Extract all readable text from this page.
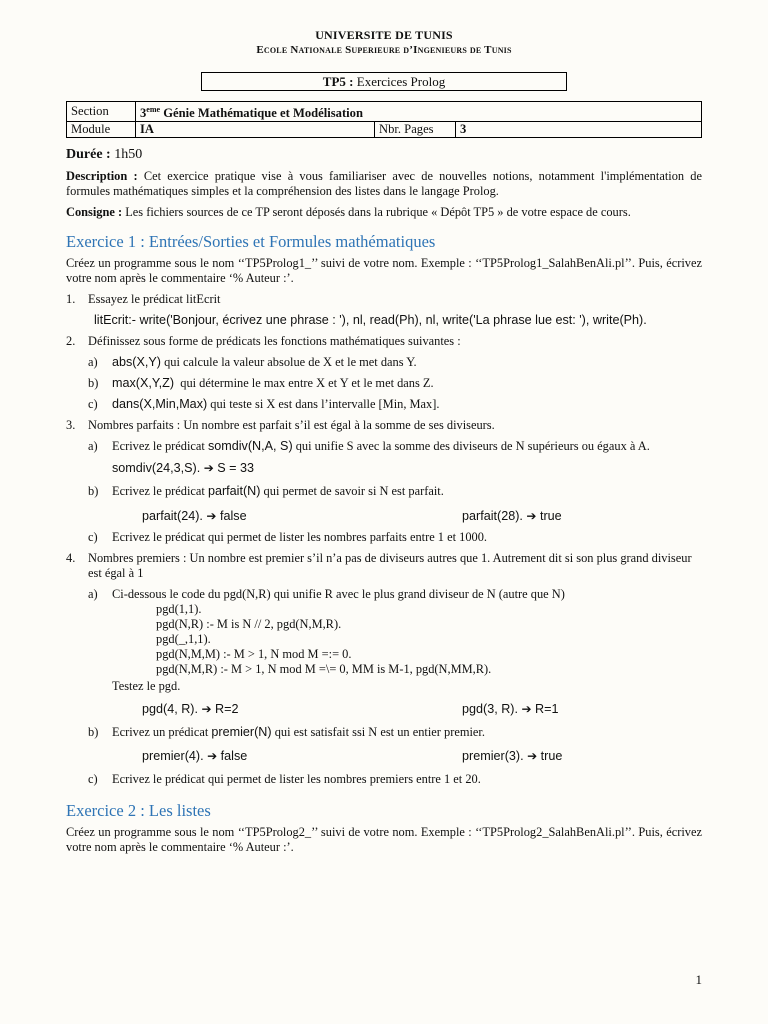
UNIVERSITE DE TUNIS
Ecole Nationale Superieure d’Ingenieurs de Tunis
TP5 : Exercices Prolog
Section	3eme Génie Mathématique et Modélisation		
Module	IA	Nbr. Pages	3
Durée : 1h50
Description : Cet exercice pratique vise à vous familiariser avec de nouvelles notions, notamment l'implémentation de formules mathématiques simples et la compréhension des listes dans le langage Prolog.
Consigne : Les fichiers sources de ce TP seront déposés dans la rubrique « Dépôt TP5 » de votre espace de cours.
Exercice 1 : Entrées/Sorties et Formules mathématiques
Créez un programme sous le nom ‘‘TP5Prolog1_’’ suivi de votre nom. Exemple : ‘‘TP5Prolog1_SalahBenAli.pl’’. Puis, écrivez votre nom après le commentaire ‘% Auteur :’.
1. Essayez le prédicat litEcrit
litEcrit:- write('Bonjour, écrivez une phrase : '), nl, read(Ph), nl, write('La phrase lue est: '), write(Ph).
2. Définissez sous forme de prédicats les fonctions mathématiques suivantes :
a) abs(X,Y) qui calcule la valeur absolue de X et le met dans Y.
b) max(X,Y,Z)  qui détermine le max entre X et Y et le met dans Z.
c) dans(X,Min,Max) qui teste si X est dans l’intervalle [Min, Max].
3. Nombres parfaits : Un nombre est parfait s’il est égal à la somme de ses diviseurs.
a) Ecrivez le prédicat somdiv(N,A, S) qui unifie S avec la somme des diviseurs de N supérieurs ou égaux à A.
somdiv(24,3,S). ➔ S = 33
b) Ecrivez le prédicat parfait(N) qui permet de savoir si N est parfait.
parfait(24). ➔ false	parfait(28). ➔ true
c) Ecrivez le prédicat qui permet de lister les nombres parfaits entre 1 et 1000.
4. Nombres premiers : Un nombre est premier s’il n’a pas de diviseurs autres que 1. Autrement dit si son plus grand diviseur est égal à 1
a) Ci-dessous le code du pgd(N,R) qui unifie R avec le plus grand diviseur de N (autre que N)
pgd(1,1).
pgd(N,R) :- M is N // 2, pgd(N,M,R).
pgd(_,1,1).
pgd(N,M,M) :- M > 1, N mod M =:= 0.
pgd(N,M,R) :- M > 1, N mod M =\= 0, MM is M-1, pgd(N,MM,R).
Testez le pgd.
pgd(4, R). ➔ R=2	pgd(3, R). ➔ R=1
b) Ecrivez un prédicat premier(N) qui est satisfait ssi N est un entier premier.
premier(4). ➔ false	premier(3). ➔ true
c) Ecrivez le prédicat qui permet de lister les nombres premiers entre 1 et 20.
Exercice 2 : Les listes
Créez un programme sous le nom ‘‘TP5Prolog2_’’ suivi de votre nom. Exemple : ‘‘TP5Prolog2_SalahBenAli.pl’’. Puis, écrivez votre nom après le commentaire ‘% Auteur :’.
1
